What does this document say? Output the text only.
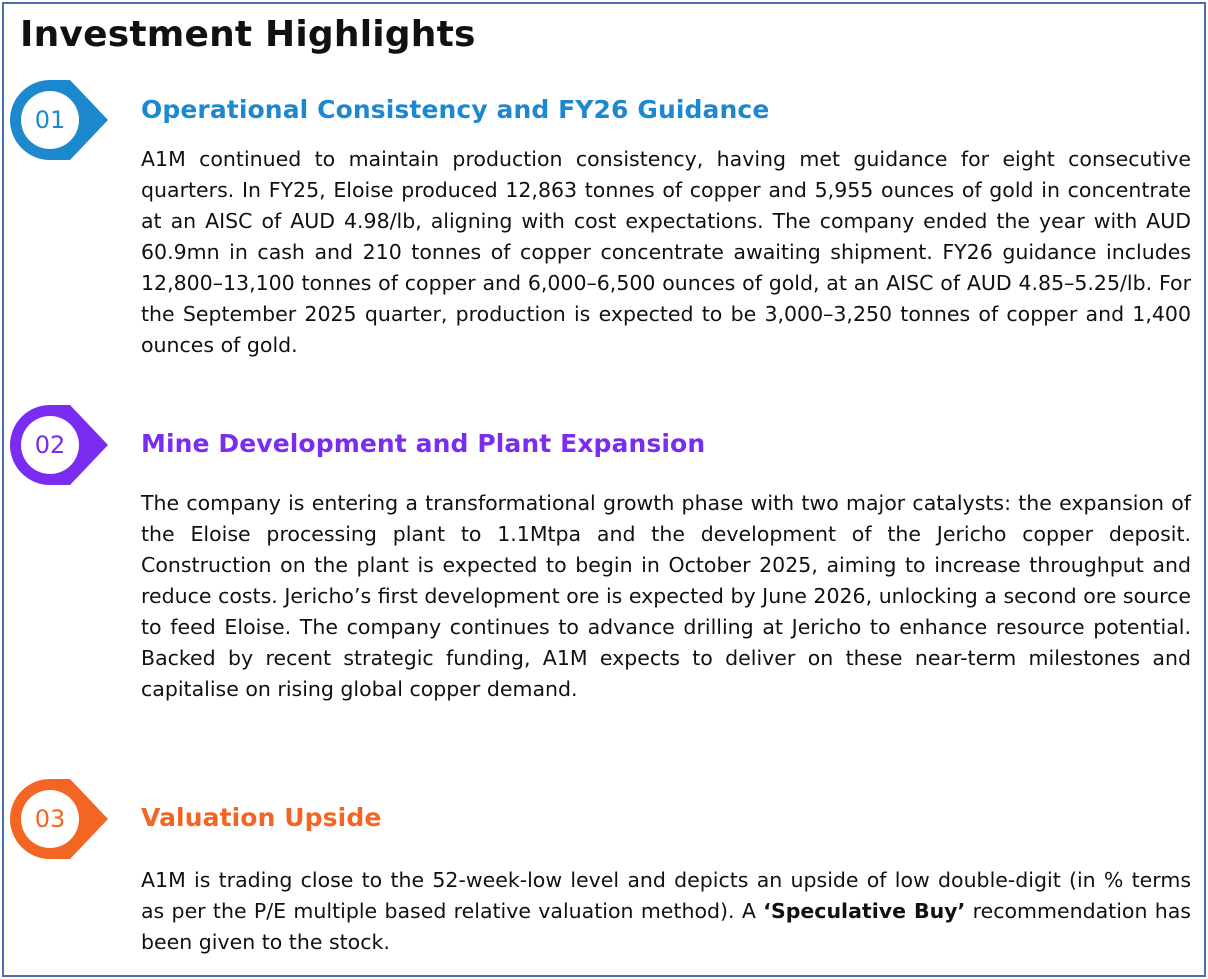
Investment Highlights
01	Operational Consistency and FY26 Guidance

A1M continued to maintain production consistency, having met guidance for eight consecutive quarters. In FY25, Eloise produced 12,863 tonnes of copper and 5,955 ounces of gold in concentrate at an AISC of AUD 4.98/lb, aligning with cost expectations. The company ended the year with AUD 60.9mn in cash and 210 tonnes of copper concentrate awaiting shipment. FY26 guidance includes 12,800–13,100 tonnes of copper and 6,000–6,500 ounces of gold, at an AISC of AUD 4.85–5.25/lb. For the September 2025 quarter, production is expected to be 3,000–3,250 tonnes of copper and 1,400 ounces of gold.

02	Mine Development and Plant Expansion

The company is entering a transformational growth phase with two major catalysts: the expansion of the Eloise processing plant to 1.1Mtpa and the development of the Jericho copper deposit. Construction on the plant is expected to begin in October 2025, aiming to increase throughput and reduce costs. Jericho’s first development ore is expected by June 2026, unlocking a second ore source to feed Eloise. The company continues to advance drilling at Jericho to enhance resource potential. Backed by recent strategic funding, A1M expects to deliver on these near-term milestones and capitalise on rising global copper demand.

03	Valuation Upside

A1M is trading close to the 52-week-low level and depicts an upside of low double-digit (in % terms as per the P/E multiple based relative valuation method). A ‘Speculative Buy’ recommendation has been given to the stock.
